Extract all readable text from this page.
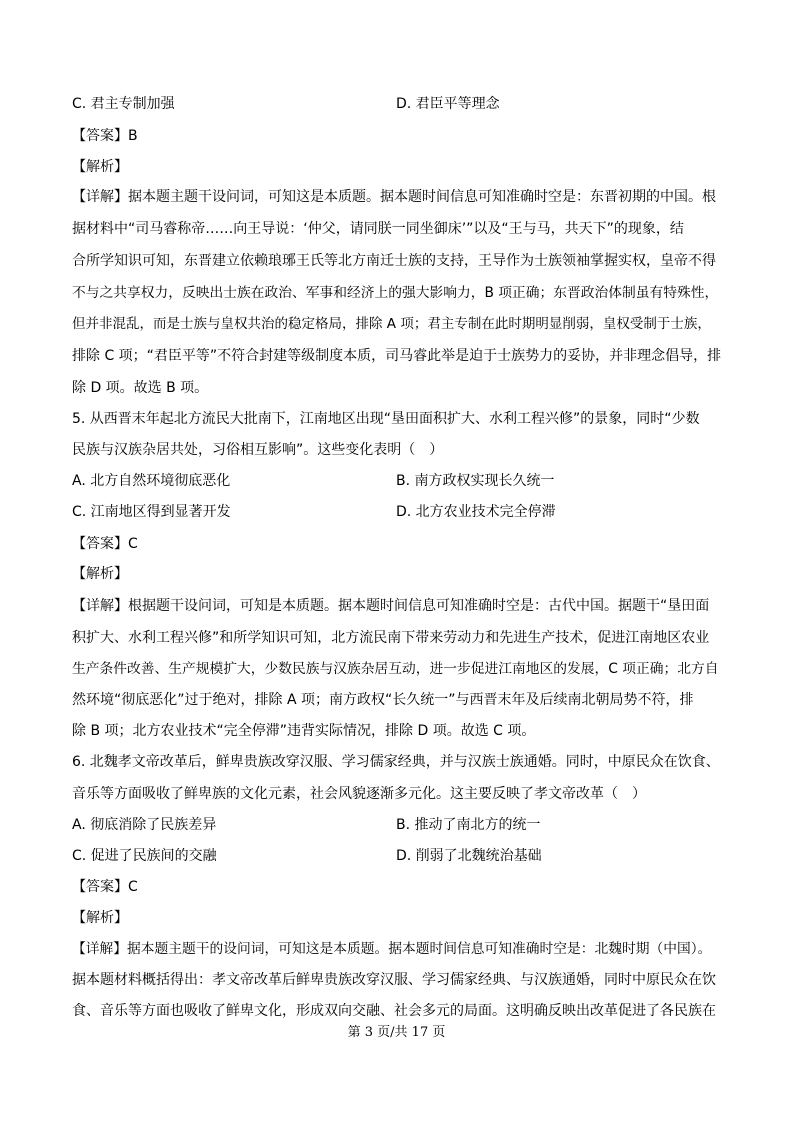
C. 君主专制加强	D. 君臣平等理念
【答案】B
【解析】
【详解】据本题主题干设问词，可知这是本质题。据本题时间信息可知准确时空是：东晋初期的中国。根
据材料中“司马睿称帝……向王导说：‘仲父，请同朕一同坐御床’”以及“王与马，共天下”的现象，结
合所学知识可知，东晋建立依赖琅琊王氏等北方南迁士族的支持，王导作为士族领袖掌握实权，皇帝不得
不与之共享权力，反映出士族在政治、军事和经济上的强大影响力，B 项正确；东晋政治体制虽有特殊性，
但并非混乱，而是士族与皇权共治的稳定格局，排除 A 项；君主专制在此时期明显削弱，皇权受制于士族，
排除 C 项；“君臣平等”不符合封建等级制度本质，司马睿此举是迫于士族势力的妥协，并非理念倡导，排
除 D 项。故选 B 项。
5. 从西晋末年起北方流民大批南下，江南地区出现“垦田面积扩大、水利工程兴修”的景象，同时“少数
民族与汉族杂居共处，习俗相互影响”。这些变化表明（　）
A. 北方自然环境彻底恶化	B. 南方政权实现长久统一
C. 江南地区得到显著开发	D. 北方农业技术完全停滞
【答案】C
【解析】
【详解】根据题干设问词，可知是本质题。据本题时间信息可知准确时空是：古代中国。据题干“垦田面
积扩大、水利工程兴修”和所学知识可知，北方流民南下带来劳动力和先进生产技术，促进江南地区农业
生产条件改善、生产规模扩大，少数民族与汉族杂居互动，进一步促进江南地区的发展，C 项正确；北方自
然环境“彻底恶化”过于绝对，排除 A 项；南方政权“长久统一”与西晋末年及后续南北朝局势不符，排
除 B 项；北方农业技术“完全停滞”违背实际情况，排除 D 项。故选 C 项。
6. 北魏孝文帝改革后，鲜卑贵族改穿汉服、学习儒家经典，并与汉族士族通婚。同时，中原民众在饮食、
音乐等方面吸收了鲜卑族的文化元素，社会风貌逐渐多元化。这主要反映了孝文帝改革（　）
A. 彻底消除了民族差异	B. 推动了南北方的统一
C. 促进了民族间的交融	D. 削弱了北魏统治基础
【答案】C
【解析】
【详解】据本题主题干的设问词，可知这是本质题。据本题时间信息可知准确时空是：北魏时期（中国）。
据本题材料概括得出：孝文帝改革后鲜卑贵族改穿汉服、学习儒家经典、与汉族通婚，同时中原民众在饮
食、音乐等方面也吸收了鲜卑文化，形成双向交融、社会多元的局面。这明确反映出改革促进了各民族在
第 3 页/共 17 页
